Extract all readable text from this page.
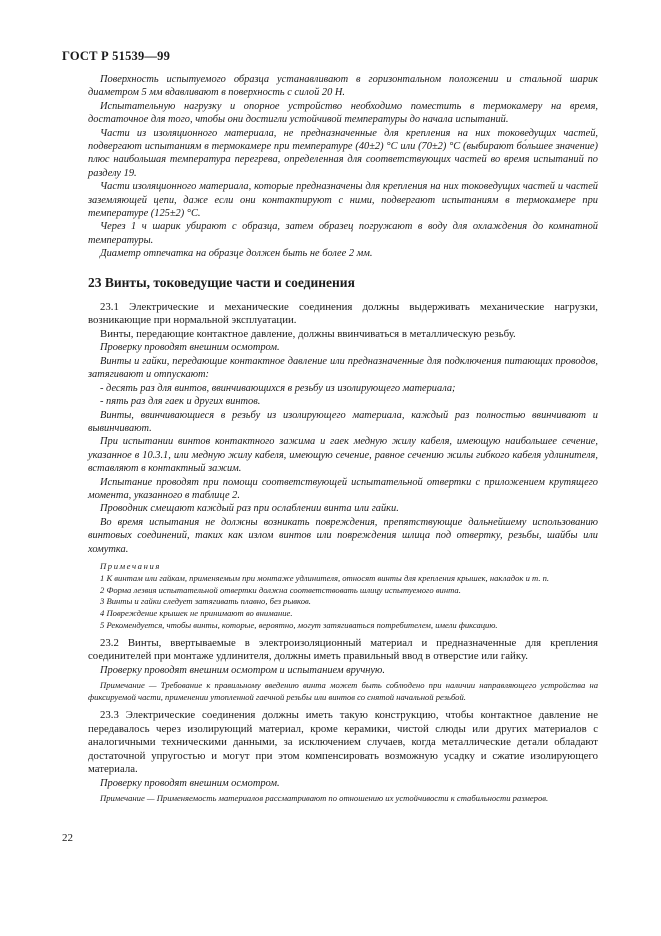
ГОСТ Р 51539—99

Поверхность испытуемого образца устанавливают в горизонтальном положении и стальной шарик диаметром 5 мм вдавливают в поверхность с силой 20 Н.

Испытательную нагрузку и опорное устройство необходимо поместить в термокамеру на время, достаточное для того, чтобы они достигли устойчивой температуры до начала испытаний.

Части из изоляционного материала, не предназначенные для крепления на них токоведущих частей, подвергают испытаниям в термокамере при температуре (40±2) °С или (70±2) °С (выбирают бо́льшее значение) плюс наибольшая температура перегрева, определенная для соответствующих частей во время испытаний по разделу 19.

Части изоляционного материала, которые предназначены для крепления на них токоведущих частей и частей заземляющей цепи, даже если они контактируют с ними, подвергают испытаниям в термокамере при температуре (125±2) °С.

Через 1 ч шарик убирают с образца, затем образец погружают в воду для охлаждения до комнатной температуры.

Диаметр отпечатка на образце должен быть не более 2 мм.

23 Винты, токоведущие части и соединения

23.1 Электрические и механические соединения должны выдерживать механические нагрузки, возникающие при нормальной эксплуатации.

Винты, передающие контактное давление, должны ввинчиваться в металлическую резьбу.

Проверку проводят внешним осмотром.

Винты и гайки, передающие контактное давление или предназначенные для подключения питающих проводов, затягивают и отпускают:

- десять раз для винтов, ввинчивающихся в резьбу из изолирующего материала;

- пять раз для гаек и других винтов.

Винты, ввинчивающиеся в резьбу из изолирующего материала, каждый раз полностью ввинчивают и вывинчивают.

При испытании винтов контактного зажима и гаек медную жилу кабеля, имеющую наибольшее сечение, указанное в 10.3.1, или медную жилу кабеля, имеющую сечение, равное сечению жилы гибкого кабеля удлинителя, вставляют в контактный зажим.

Испытание проводят при помощи соответствующей испытательной отвертки с приложением крутящего момента, указанного в таблице 2.

Проводник смещают каждый раз при ослаблении винта или гайки.

Во время испытания не должны возникать повреждения, препятствующие дальнейшему использованию винтовых соединений, таких как излом винтов или повреждения шлица под отвертку, резьбы, шайбы или хомутка.

Примечания

1 К винтам или гайкам, применяемым при монтаже удлинителя, относят винты для крепления крышек, накладок и т. п.

2 Форма лезвия испытательной отвертки должна соответствовать шлицу испытуемого винта.

3 Винты и гайки следует затягивать плавно, без рывков.

4 Повреждение крышек не принимают во внимание.

5 Рекомендуется, чтобы винты, которые, вероятно, могут затягиваться потребителем, имели фиксацию.

23.2 Винты, ввертываемые в электроизоляционный материал и предназначенные для крепления соединителей при монтаже удлинителя, должны иметь правильный ввод в отверстие или гайку.

Проверку проводят внешним осмотром и испытанием вручную.

Примечание — Требование к правильному введению винта может быть соблюдено при наличии направляющего устройства на фиксируемой части, применении утопленной гаечной резьбы или винтов со снятой начальной резьбой.

23.3 Электрические соединения должны иметь такую конструкцию, чтобы контактное давление не передавалось через изолирующий материал, кроме керамики, чистой слюды или других материалов с аналогичными техническими данными, за исключением случаев, когда металлические детали обладают достаточной упругостью и могут при этом компенсировать возможную усадку и сжатие изолирующего материала.

Проверку проводят внешним осмотром.

Примечание — Применяемость материалов рассматривают по отношению их устойчивости к стабильности размеров.

22
